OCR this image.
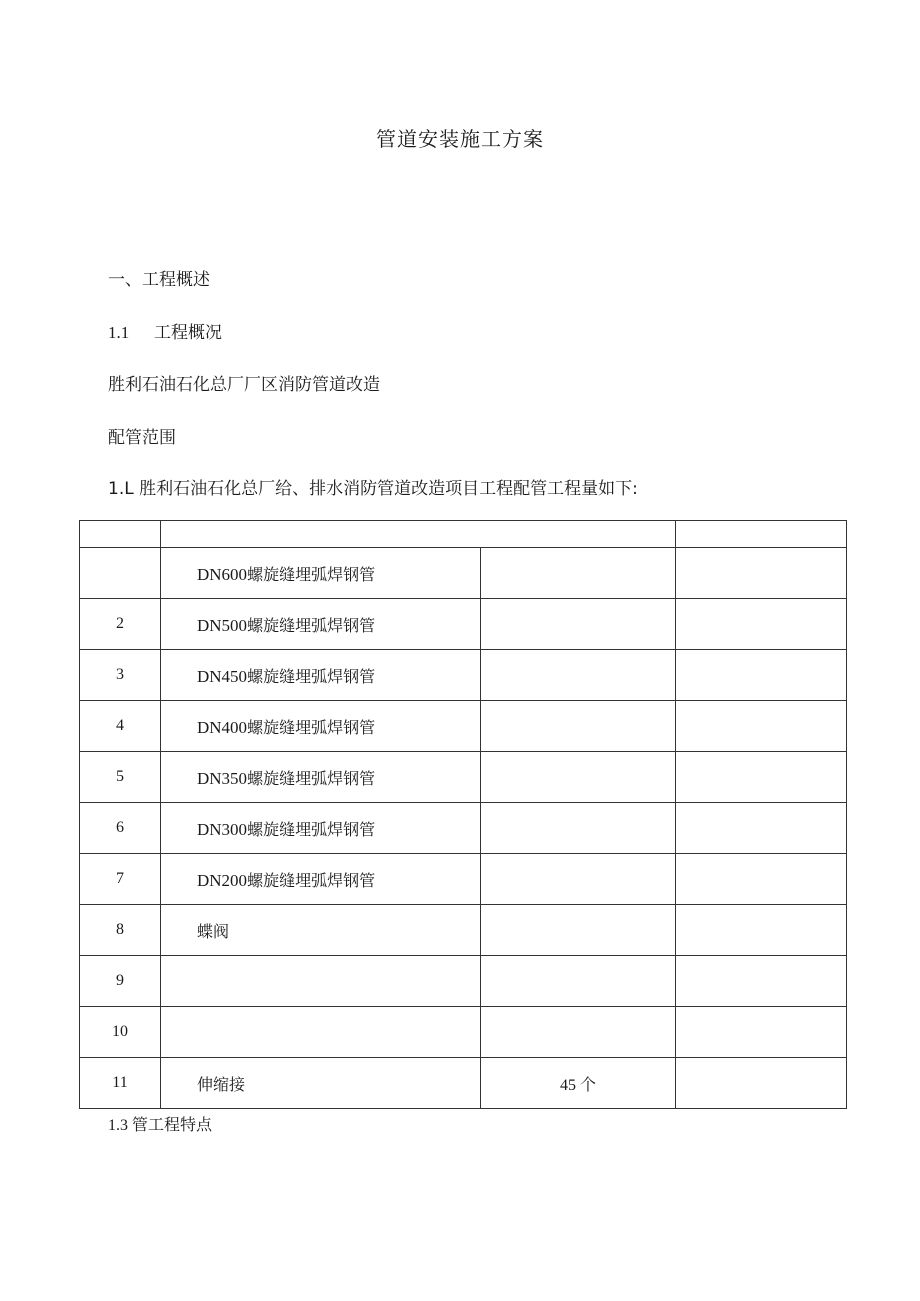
管道安装施工方案
一、工程概述
1.1 工程概况
胜利石油石化总厂厂区消防管道改造
配管范围
1.L 胜利石油石化总厂给、排水消防管道改造项目工程配管工程量如下:

	DN600螺旋缝埋弧焊钢管		
2	DN500螺旋缝埋弧焊钢管		
3	DN450螺旋缝埋弧焊钢管		
4	DN400螺旋缝埋弧焊钢管		
5	DN350螺旋缝埋弧焊钢管		
6	DN300螺旋缝埋弧焊钢管		
7	DN200螺旋缝埋弧焊钢管		
8	蝶阀		
9			
10			
11	伸缩接	45 个	
1.3 管工程特点
